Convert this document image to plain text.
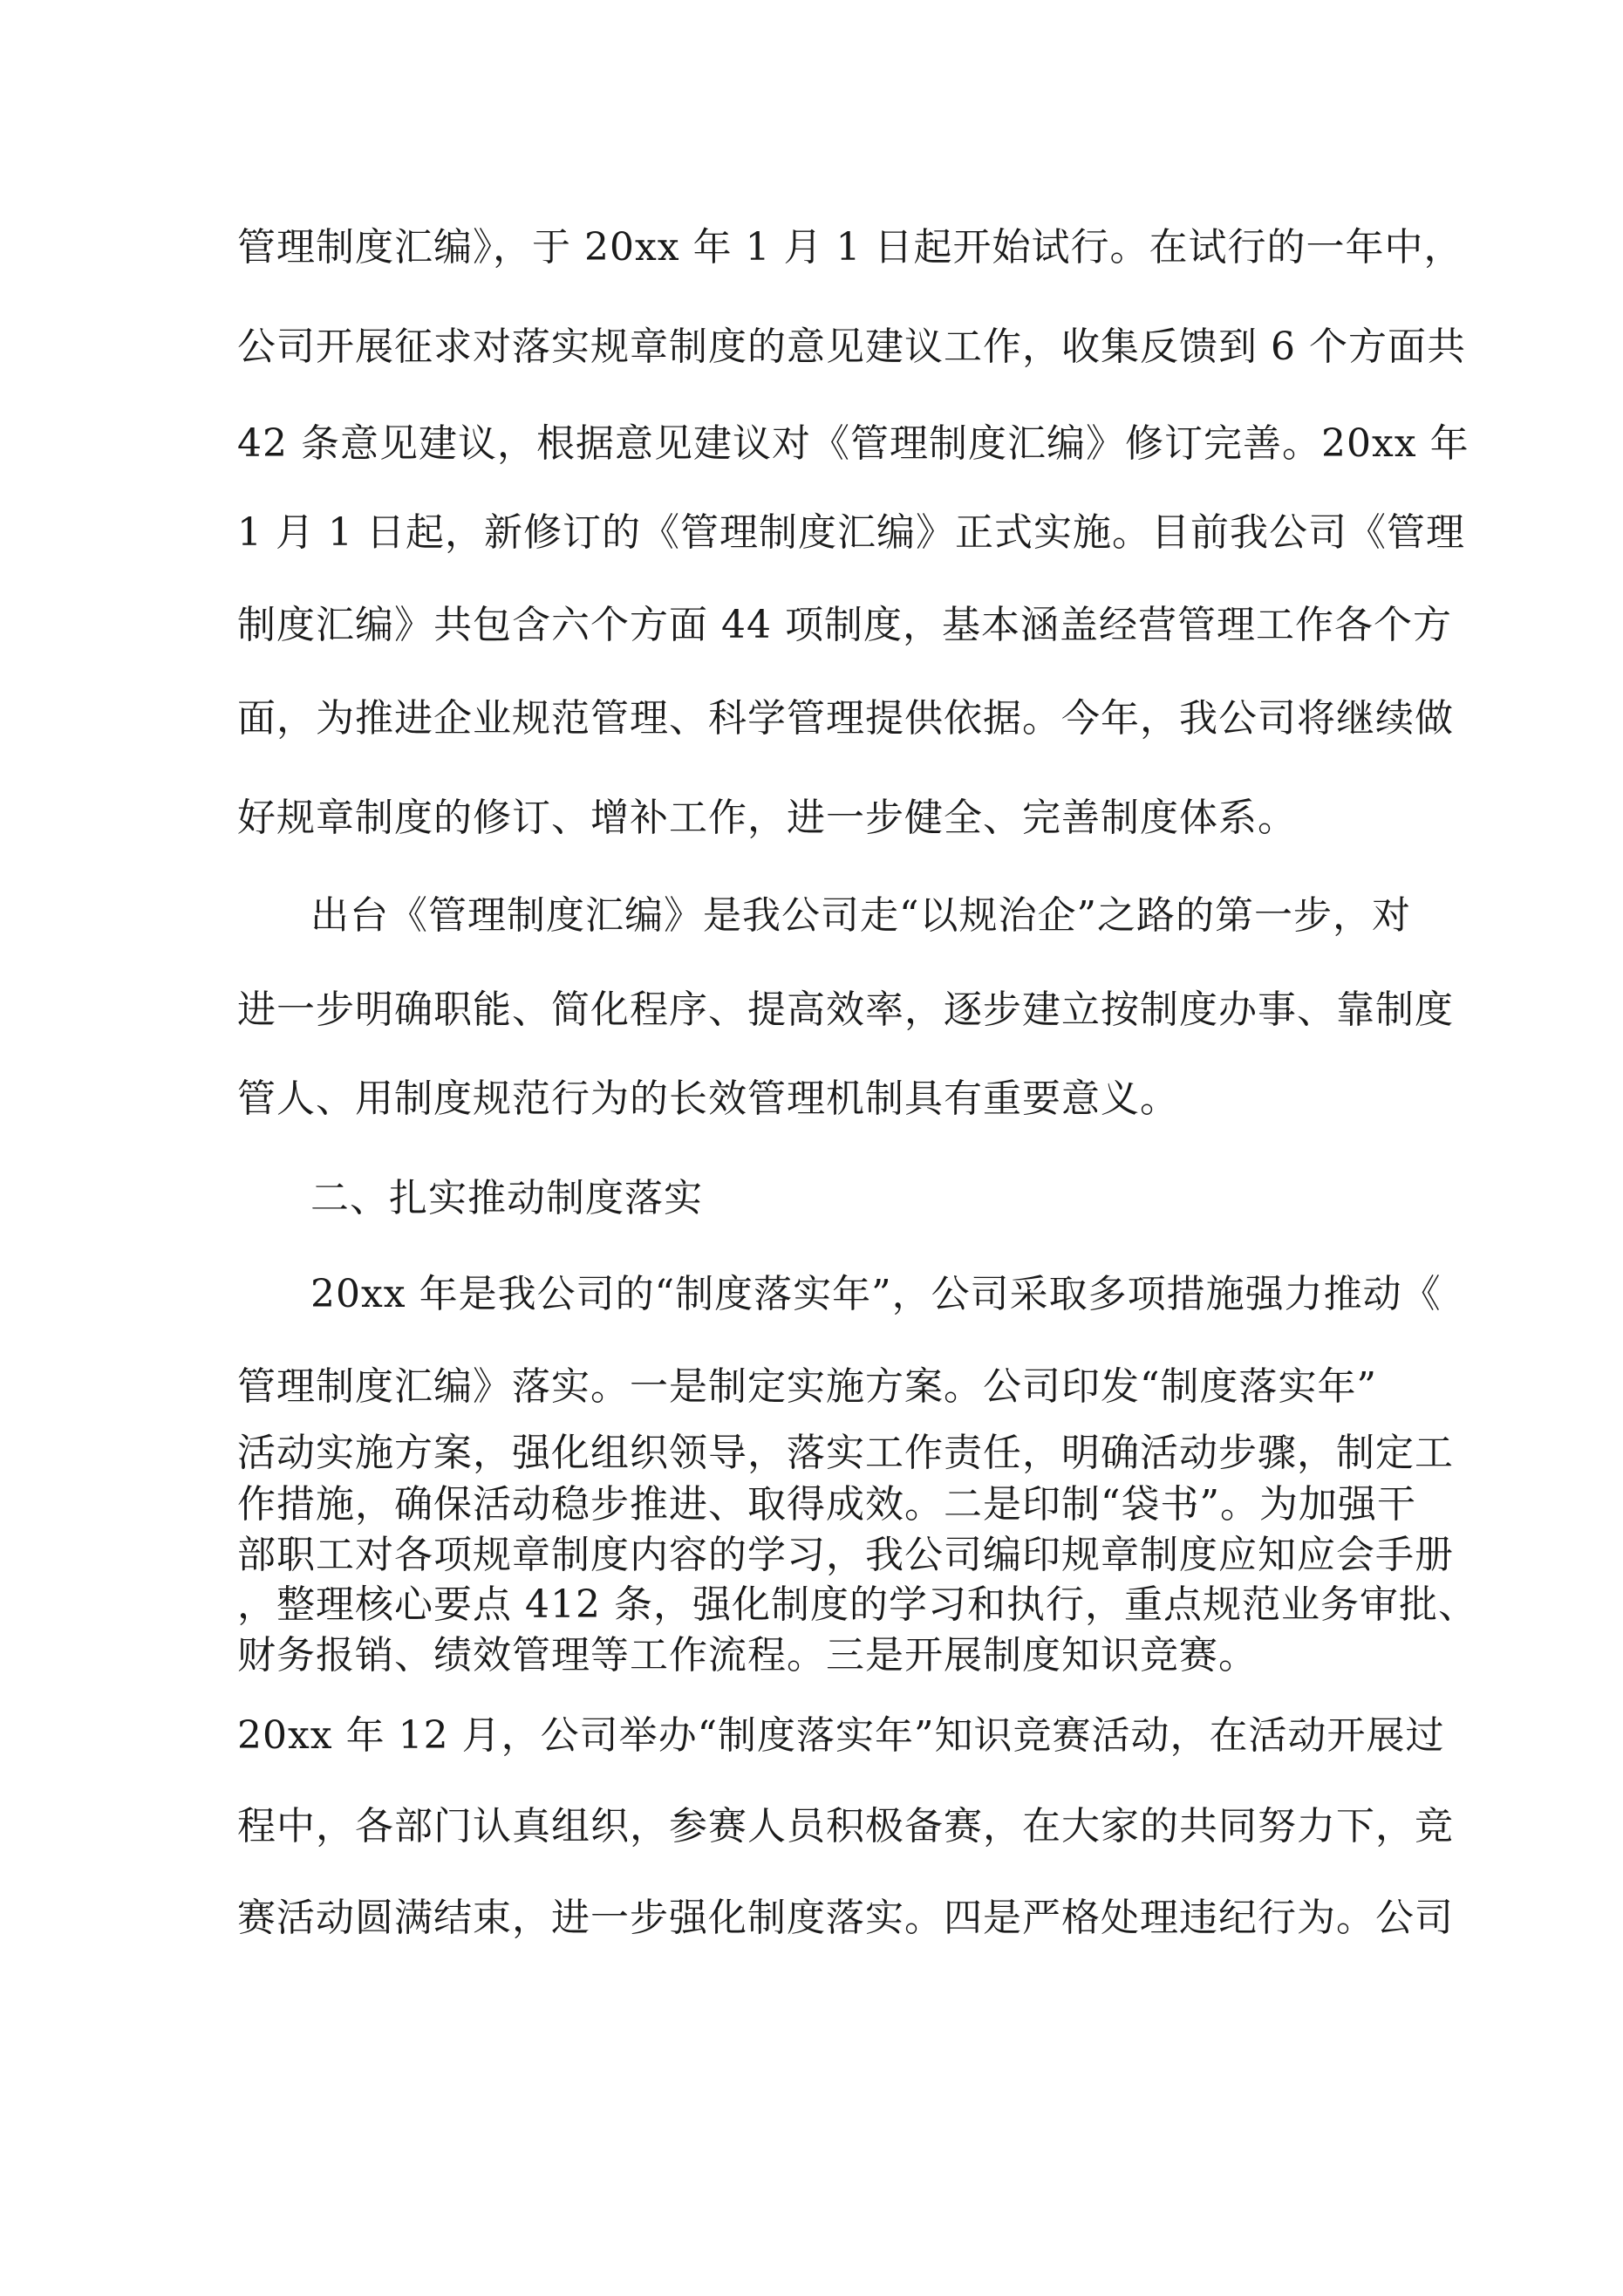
管理制度汇编》，于 20xx 年 1 月 1 日起开始试行。在试行的一年中，
公司开展征求对落实规章制度的意见建议工作，收集反馈到 6 个方面共
42 条意见建议，根据意见建议对《管理制度汇编》修订完善。20xx 年
1 月 1 日起，新修订的《管理制度汇编》正式实施。目前我公司《管理
制度汇编》共包含六个方面 44 项制度，基本涵盖经营管理工作各个方
面，为推进企业规范管理、科学管理提供依据。今年，我公司将继续做
好规章制度的修订、增补工作，进一步健全、完善制度体系。
出台《管理制度汇编》是我公司走“以规治企”之路的第一步，对
进一步明确职能、简化程序、提高效率，逐步建立按制度办事、靠制度
管人、用制度规范行为的长效管理机制具有重要意义。
二、扎实推动制度落实
20xx 年是我公司的“制度落实年”，公司采取多项措施强力推动《
管理制度汇编》落实。一是制定实施方案。公司印发“制度落实年”
活动实施方案，强化组织领导，落实工作责任，明确活动步骤，制定工
作措施，确保活动稳步推进、取得成效。二是印制“袋书”。为加强干
部职工对各项规章制度内容的学习，我公司编印规章制度应知应会手册
，整理核心要点 412 条，强化制度的学习和执行，重点规范业务审批、
财务报销、绩效管理等工作流程。三是开展制度知识竞赛。
20xx 年 12 月，公司举办“制度落实年”知识竞赛活动，在活动开展过
程中，各部门认真组织，参赛人员积极备赛，在大家的共同努力下，竞
赛活动圆满结束，进一步强化制度落实。四是严格处理违纪行为。公司
